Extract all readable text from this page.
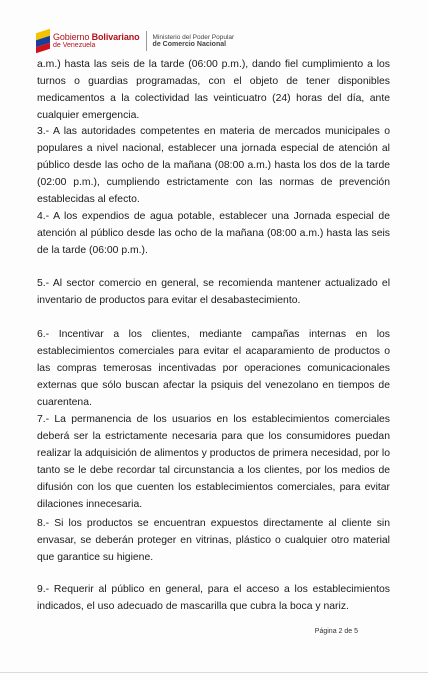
Gobierno Bolivariano
de Venezuela
Ministerio del Poder Popular
de Comercio Nacional

a.m.) hasta las seis de la tarde (06:00 p.m.), dando fiel cumplimiento a los turnos o guardias programadas, con el objeto de tener disponibles medicamentos a la colectividad las veinticuatro (24) horas del día, ante cualquier emergencia.

3.- A las autoridades competentes en materia de mercados municipales o populares a nivel nacional, establecer una jornada especial de atención al público desde las ocho de la mañana (08:00 a.m.) hasta los dos de la tarde (02:00 p.m.), cumpliendo estrictamente con las normas de prevención establecidas al efecto.

4.- A los expendios de agua potable, establecer una Jornada especial de atención al público desde las ocho de la mañana (08:00 a.m.) hasta las seis de la tarde (06:00 p.m.).

5.- Al sector comercio en general, se recomienda mantener actualizado el inventario de productos para evitar el desabastecimiento.

6.- Incentivar a los clientes, mediante campañas internas en los establecimientos comerciales para evitar el acaparamiento de productos o las compras temerosas incentivadas por operaciones comunicacionales externas que sólo buscan afectar la psiquis del venezolano en tiempos de cuarentena.

7.- La permanencia de los usuarios en los establecimientos comerciales deberá ser la estrictamente necesaria para que los consumidores puedan realizar la adquisición de alimentos y productos de primera necesidad, por lo tanto se le debe recordar tal circunstancia a los clientes, por los medios de difusión con los que cuenten los establecimientos comerciales, para evitar dilaciones innecesaria.

8.- Si los productos se encuentran expuestos directamente al cliente sin envasar, se deberán proteger en vitrinas, plástico o cualquier otro material que garantice su higiene.

9.- Requerir al público en general, para el acceso a los establecimientos indicados, el uso adecuado de mascarilla que cubra la boca y nariz.

Página 2 de 5
